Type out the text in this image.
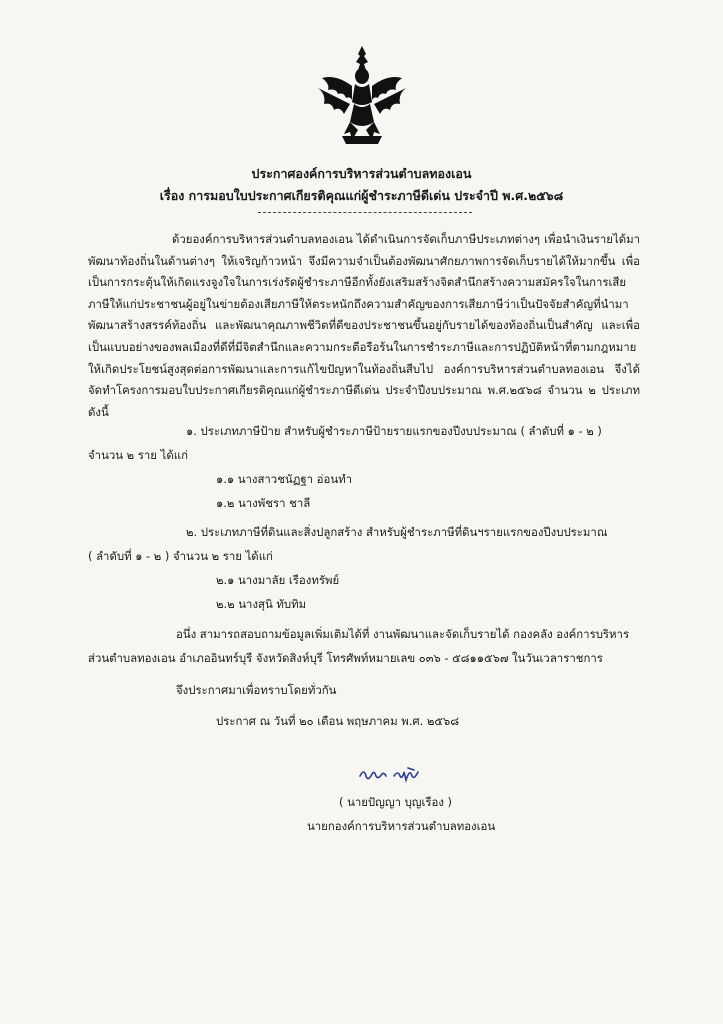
ประกาศองค์การบริหารส่วนตำบลทองเอน
เรื่อง การมอบใบประกาศเกียรติคุณแก่ผู้ชำระภาษีดีเด่น ประจำปี พ.ศ.๒๕๖๘

ด้วยองค์การบริหารส่วนตำบลทองเอน ได้ดำเนินการจัดเก็บภาษีประเภทต่างๆ เพื่อนำเงินรายได้มาพัฒนาท้องถิ่นในด้านต่างๆ ให้เจริญก้าวหน้า จึงมีความจำเป็นต้องพัฒนาศักยภาพการจัดเก็บรายได้ให้มากขึ้น เพื่อเป็นการกระตุ้นให้เกิดแรงจูงใจในการเร่งรัดผู้ชำระภาษีอีกทั้งยังเสริมสร้างจิตสำนึกสร้างความสมัครใจในการเสียภาษีให้แก่ประชาชนผู้อยู่ในข่ายต้องเสียภาษีให้ตระหนักถึงความสำคัญของการเสียภาษีว่าเป็นปัจจัยสำคัญที่นำมา พัฒนาสร้างสรรค์ท้องถิ่น และพัฒนาคุณภาพชีวิตที่ดีของประชาชนขึ้นอยู่กับรายได้ของท้องถิ่นเป็นสำคัญ และเพื่อเป็นแบบอย่างของพลเมืองที่ดีที่มีจิตสำนึกและความกระตือรือร้นในการชำระภาษีและการปฏิบัติหน้าที่ตามกฎหมายให้เกิดประโยชน์สูงสุดต่อการพัฒนาและการแก้ไขปัญหาในท้องถิ่นสืบไป องค์การบริหารส่วนตำบลทองเอน จึงได้จัดทำโครงการมอบใบประกาศเกียรติคุณแก่ผู้ชำระภาษีดีเด่น ประจำปีงบประมาณ พ.ศ.๒๕๖๘ จำนวน ๒ ประเภท ดังนี้

๑. ประเภทภาษีป้าย สำหรับผู้ชำระภาษีป้ายรายแรกของปีงบประมาณ ( ลำดับที่ ๑ - ๒ )
จำนวน ๒ ราย ได้แก่
๑.๑ นางสาวชนัฏฐา อ่อนทำ
๑.๒ นางพัชรา ชาลี
๒. ประเภทภาษีที่ดินและสิ่งปลูกสร้าง สำหรับผู้ชำระภาษีที่ดินฯรายแรกของปีงบประมาณ
( ลำดับที่ ๑ - ๒ ) จำนวน ๒ ราย ได้แก่
๒.๑ นางมาลัย เรืองทรัพย์
๒.๒ นางสุนิ ทับทิม
อนึ่ง สามารถสอบถามข้อมูลเพิ่มเติมได้ที่ งานพัฒนาและจัดเก็บรายได้ กองคลัง องค์การบริหาร
ส่วนตำบลทองเอน อำเภออินทร์บุรี จังหวัดสิงห์บุรี โทรศัพท์หมายเลข ๐๓๖ - ๕๘๑๑๕๖๗ ในวันเวลาราชการ
จึงประกาศมาเพื่อทราบโดยทั่วกัน
ประกาศ ณ วันที่ ๒๐ เดือน พฤษภาคม พ.ศ. ๒๕๖๘
( นายปัญญา บุญเรือง )
นายกองค์การบริหารส่วนตำบลทองเอน
